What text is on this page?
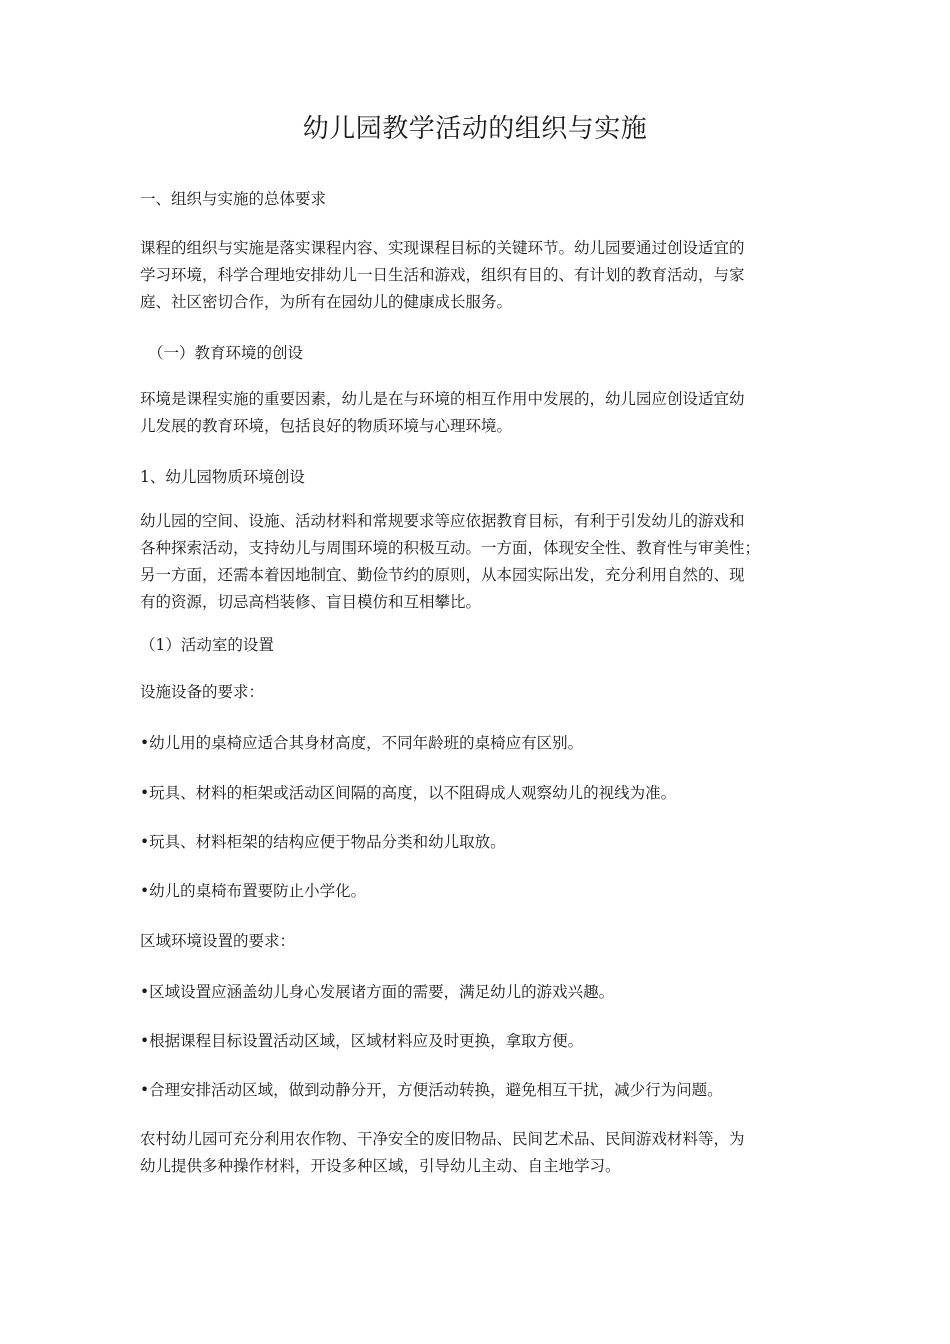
幼儿园教学活动的组织与实施

一、组织与实施的总体要求

课程的组织与实施是落实课程内容、实现课程目标的关键环节。幼儿园要通过创设适宜的
学习环境，科学合理地安排幼儿一日生活和游戏，组织有目的、有计划的教育活动，与家
庭、社区密切合作，为所有在园幼儿的健康成长服务。

（一）教育环境的创设

环境是课程实施的重要因素，幼儿是在与环境的相互作用中发展的，幼儿园应创设适宜幼
儿发展的教育环境，包括良好的物质环境与心理环境。

1、幼儿园物质环境创设

幼儿园的空间、设施、活动材料和常规要求等应依据教育目标，有利于引发幼儿的游戏和
各种探索活动，支持幼儿与周围环境的积极互动。一方面，体现安全性、教育性与审美性；
另一方面，还需本着因地制宜、勤俭节约的原则，从本园实际出发，充分利用自然的、现
有的资源，切忌高档装修、盲目模仿和互相攀比。

（1）活动室的设置

设施设备的要求：

•幼儿用的桌椅应适合其身材高度，不同年龄班的桌椅应有区别。

•玩具、材料的柜架或活动区间隔的高度，以不阻碍成人观察幼儿的视线为准。

•玩具、材料柜架的结构应便于物品分类和幼儿取放。

•幼儿的桌椅布置要防止小学化。

区域环境设置的要求：

•区域设置应涵盖幼儿身心发展诸方面的需要，满足幼儿的游戏兴趣。

•根据课程目标设置活动区域，区域材料应及时更换，拿取方便。

•合理安排活动区域，做到动静分开，方便活动转换，避免相互干扰，减少行为问题。

农村幼儿园可充分利用农作物、干净安全的废旧物品、民间艺术品、民间游戏材料等，为
幼儿提供多种操作材料，开设多种区域，引导幼儿主动、自主地学习。
